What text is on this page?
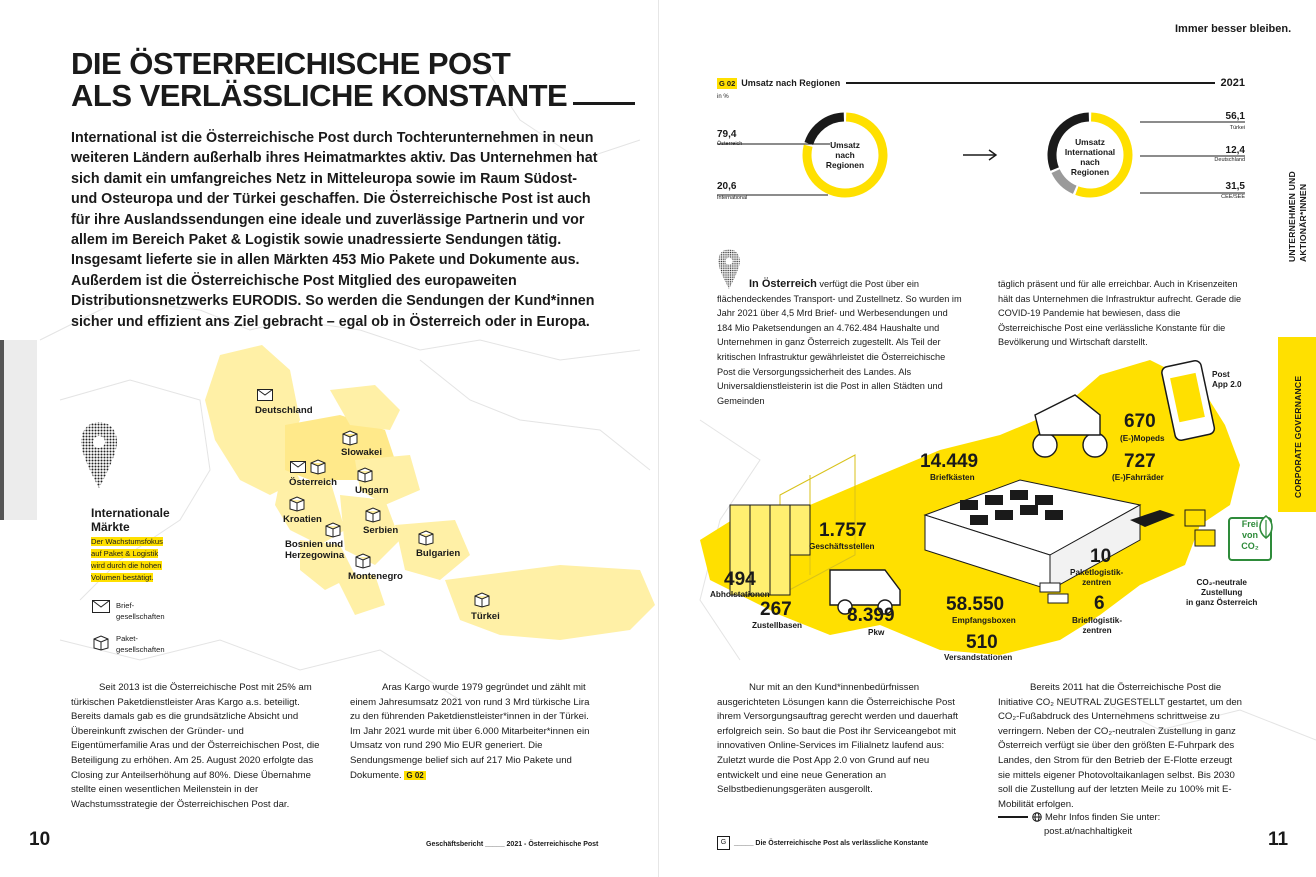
DIE ÖSTERREICHISCHE POST
ALS VERLÄSSLICHE KONSTANTE
International ist die Österreichische Post durch Tochterunternehmen in neun weiteren Ländern außerhalb ihres Heimatmarktes aktiv. Das Unternehmen hat sich damit ein umfangreiches Netz in Mitteleuropa sowie im Raum Südost- und Osteuropa und der Türkei geschaffen. Die Österreichische Post ist auch für ihre Auslandssendungen eine ideale und zuverlässige Partnerin und vor allem im Bereich Paket & Logistik sowie unadressierte Sendungen tätig. Insgesamt lieferte sie in allen Märkten 453 Mio Pakete und Dokumente aus. Außerdem ist die Österreichische Post Mitglied des europaweiten Distributionsnetzwerks EURODIS. So werden die Sendungen der Kund*innen sicher und effizient ans Ziel gebracht – egal ob in Österreich oder in Europa.
Internationale
Märkte
Der Wachstumsfokus
auf Paket & Logistik
wird durch die hohen
Volumen bestätigt.
Brief-
gesellschaften
Paket-
gesellschaften
Deutschland
Slowakei
Österreich
Ungarn
Kroatien
Serbien
Bosnien und
Herzegowina	Bulgarien
Montenegro
Türkei
Seit 2013 ist die Österreichische Post mit 25% am türkischen Paketdienstleister Aras Kargo a.s. beteiligt. Bereits damals gab es die grundsätzliche Absicht und Übereinkunft zwischen der Gründer- und Eigentümerfamilie Aras und der Österreichischen Post, die Beteiligung zu erhöhen. Am 25. August 2020 erfolgte das Closing zur Anteilserhöhung auf 80%. Diese Übernahme stellte einen wesentlichen Meilenstein in der Wachstumsstrategie der Österreichischen Post dar.
Aras Kargo wurde 1979 gegründet und zählt mit einem Jahresumsatz 2021 von rund 3 Mrd türkische Lira zu den führenden Paketdienstleister*innen in der Türkei. Im Jahr 2021 wurde mit über 6.000 Mitarbeiter*innen ein Umsatz von rund 290 Mio EUR generiert. Die Sendungsmenge belief sich auf 217 Mio Pakete und Dokumente. G 02
10	Geschäftsbericht _____ 2021 - Österreichische Post
Immer besser bleiben.
UNTERNEHMEN UND AKTIONÄR*INNEN
CORPORATE GOVERNANCE
G 02 Umsatz nach Regionen	2021
in %
79,4
Österreich
20,6
International
Umsatz
nach
Regionen
Umsatz
International
nach
Regionen
56,1
Türkei
12,4
Deutschland
31,5
CEE/SEE
In Österreich verfügt die Post über ein flächendeckendes Transport- und Zustellnetz. So wurden im Jahr 2021 über 4,5 Mrd Brief- und Werbesendungen und 184 Mio Paketsendungen an 4.762.484 Haushalte und Unternehmen in ganz Österreich zugestellt. Als Teil der kritischen Infrastruktur gewährleistet die Österreichische Post die Versorgungssicherheit des Landes. Als Universaldienstleisterin ist die Post in allen Städten und Gemeinden
täglich präsent und für alle erreichbar. Auch in Krisenzeiten hält das Unternehmen die Infrastruktur aufrecht. Gerade die COVID-19 Pandemie hat bewiesen, dass die Österreichische Post eine verlässliche Konstante für die Bevölkerung und Wirtschaft darstellt.
Frei
von
CO₂
Post
App 2.0
670
(E-)Mopeds
727
(E-)Fahrräder
14.449
Briefkästen
1.757
Geschäftsstellen
494
Abholstationen
267
Zustellbasen 8.399
Pkw
58.550
Empfangsboxen
510
Versandstationen
10
Paketlogistik-
zentren
6
Brieflogistik-
zentren
CO₂-neutrale
Zustellung
in ganz Österreich
Nur mit an den Kund*innenbedürfnissen ausgerichteten Lösungen kann die Österreichische Post ihrem Versorgungsauftrag gerecht werden und dauerhaft erfolgreich sein. So baut die Post ihr Serviceangebot mit innovativen Online-Services im Filialnetz laufend aus: Zuletzt wurde die Post App 2.0 von Grund auf neu entwickelt und eine neue Generation an Selbstbedienungsgeräten ausgerollt.
Bereits 2011 hat die Österreichische Post die Initiative CO₂ NEUTRAL ZUGESTELLT gestartet, um den CO₂-Fußabdruck des Unternehmens schrittweise zu verringern. Neben der CO₂-neutralen Zustellung in ganz Österreich verfügt sie über den größten E-Fuhrpark des Landes, den Strom für den Betrieb der E-Flotte erzeugt sie mittels eigener Photovoltaikanlagen selbst. Bis 2030 soll die Zustellung auf der letzten Meile zu 100% mit E-Mobilität erfolgen.
Mehr Infos finden Sie unter:
post.at/nachhaltigkeit
G	_____ Die Österreichische Post als verlässliche Konstante	11
